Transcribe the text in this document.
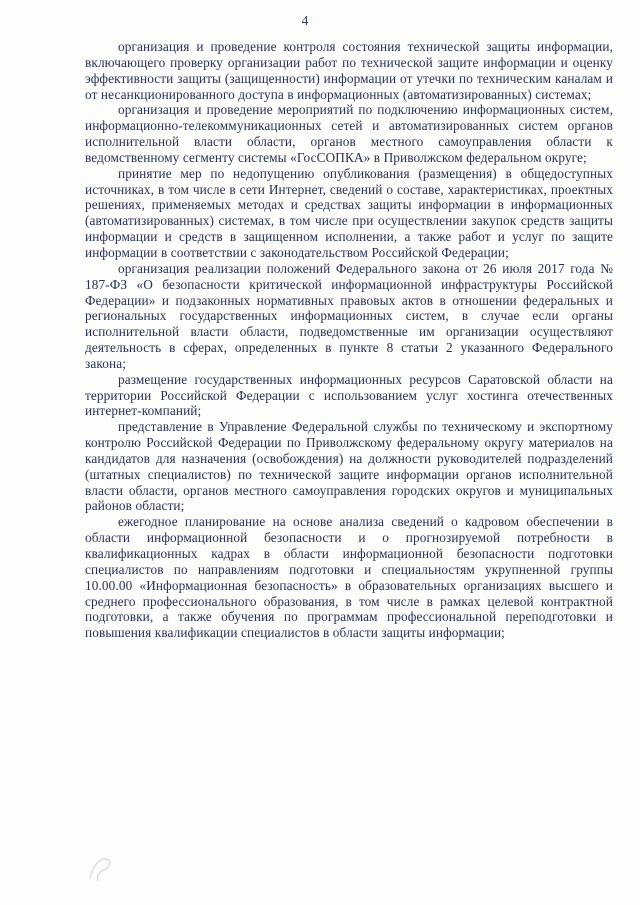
4

организация и проведение контроля состояния технической защиты информации, включающего проверку организации работ по технической защите информации и оценку эффективности защиты (защищенности) информации от утечки по техническим каналам и от несанкционированного доступа в информационных (автоматизированных) системах;

организация и проведение мероприятий по подключению информационных систем, информационно-телекоммуникационных сетей и автоматизированных систем органов исполнительной власти области, органов местного самоуправления области к ведомственному сегменту системы «ГосСОПКА» в Приволжском федеральном округе;

принятие мер по недопущению опубликования (размещения) в общедоступных источниках, в том числе в сети Интернет, сведений о составе, характеристиках, проектных решениях, применяемых методах и средствах защиты информации в информационных (автоматизированных) системах, в том числе при осуществлении закупок средств защиты информации и средств в защищенном исполнении, а также работ и услуг по защите информации в соответствии с законодательством Российской Федерации;

организация реализации положений Федерального закона от 26 июля 2017 года № 187-ФЗ «О безопасности критической информационной инфраструктуры Российской Федерации» и подзаконных нормативных правовых актов в отношении федеральных и региональных государственных информационных систем, в случае если органы исполнительной власти области, подведомственные им организации осуществляют деятельность в сферах, определенных в пункте 8 статьи 2 указанного Федерального закона;

размещение государственных информационных ресурсов Саратовской области на территории Российской Федерации с использованием услуг хостинга отечественных интернет-компаний;

представление в Управление Федеральной службы по техническому и экспортному контролю Российской Федерации по Приволжскому федеральному округу материалов на кандидатов для назначения (освобождения) на должности руководителей подразделений (штатных специалистов) по технической защите информации органов исполнительной власти области, органов местного самоуправления городских округов и муниципальных районов области;

ежегодное планирование на основе анализа сведений о кадровом обеспечении в области информационной безопасности и о прогнозируемой потребности в квалификационных кадрах в области информационной безопасности подготовки специалистов по направлениям подготовки и специальностям укрупненной группы 10.00.00 «Информационная безопасность» в образовательных организациях высшего и среднего профессионального образования, в том числе в рамках целевой контрактной подготовки, а также обучения по программам профессиональной переподготовки и повышения квалификации специалистов в области защиты информации;
